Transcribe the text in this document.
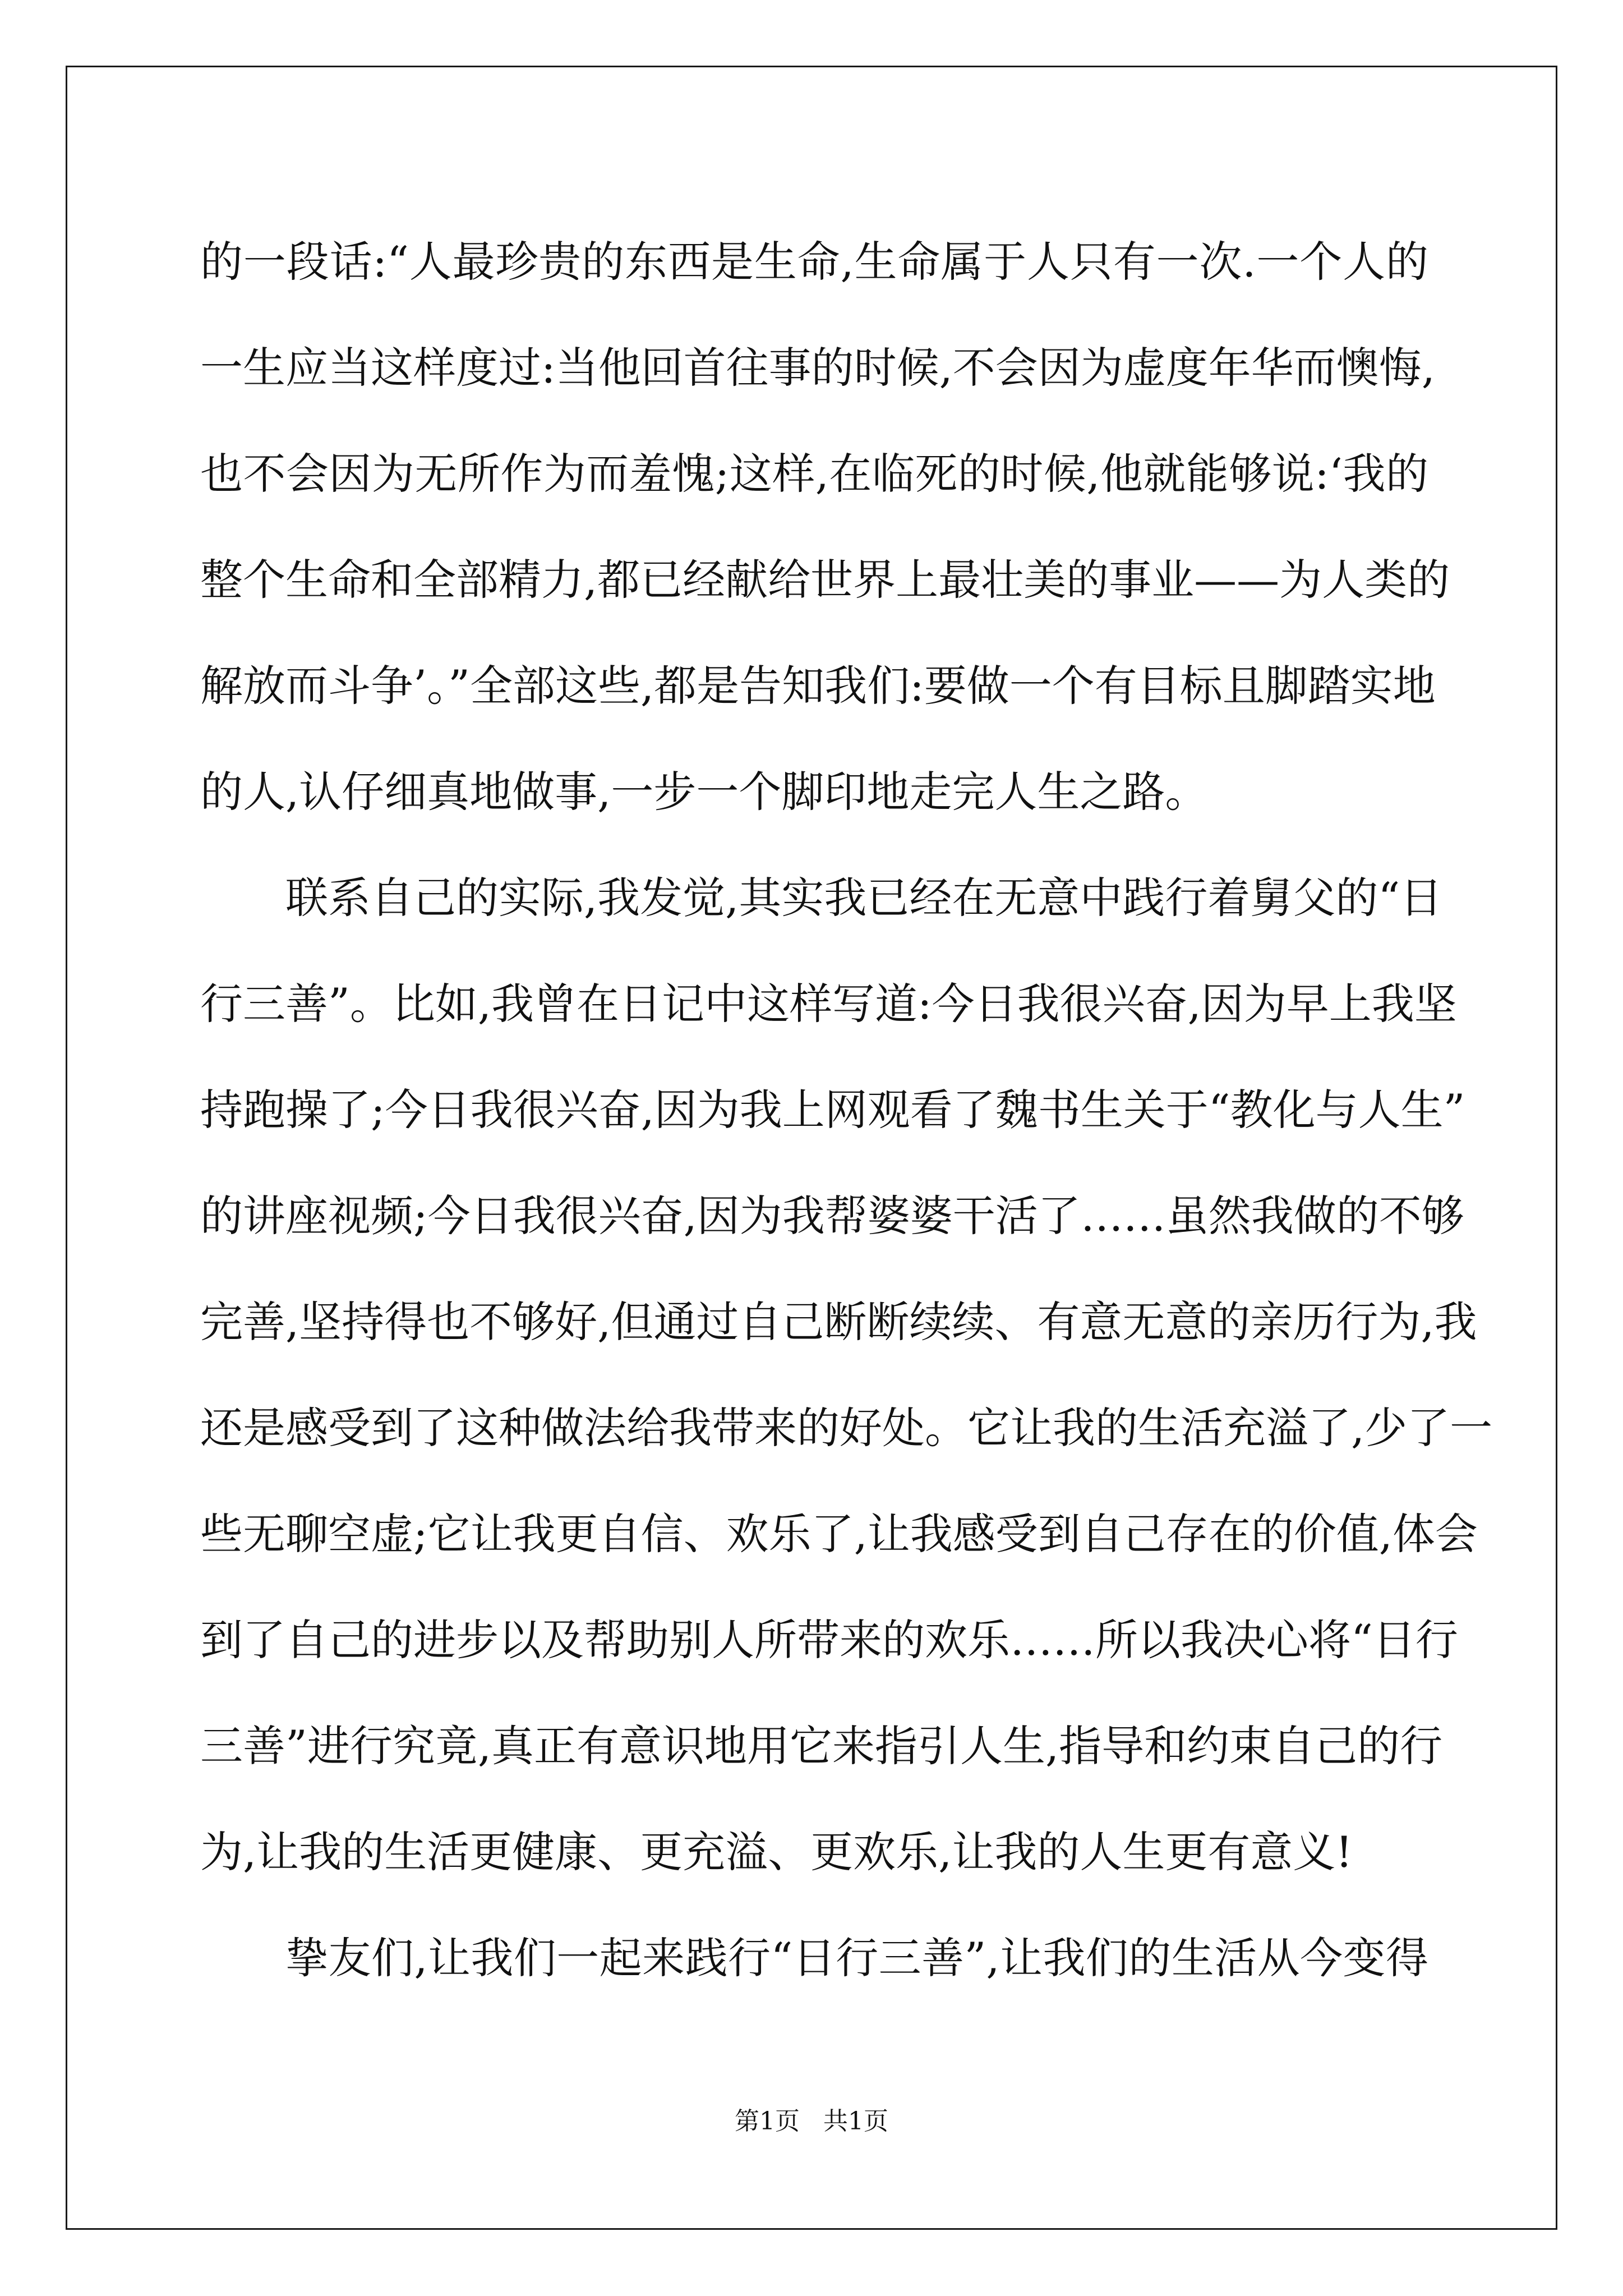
的一段话:“人最珍贵的东西是生命,生命属于人只有一次.一个人的
一生应当这样度过:当他回首往事的时候,不会因为虚度年华而懊悔,
也不会因为无所作为而羞愧;这样,在临死的时候,他就能够说:‘我的
整个生命和全部精力,都已经献给世界上最壮美的事业——为人类的
解放而斗争’。”全部这些,都是告知我们:要做一个有目标且脚踏实地
的人,认仔细真地做事,一步一个脚印地走完人生之路。
联系自己的实际,我发觉,其实我已经在无意中践行着舅父的“日
行三善”。比如,我曾在日记中这样写道:今日我很兴奋,因为早上我坚
持跑操了;今日我很兴奋,因为我上网观看了魏书生关于“教化与人生”
的讲座视频;今日我很兴奋,因为我帮婆婆干活了……虽然我做的不够
完善,坚持得也不够好,但通过自己断断续续、有意无意的亲历行为,我
还是感受到了这种做法给我带来的好处。它让我的生活充溢了,少了一
些无聊空虚;它让我更自信、欢乐了,让我感受到自己存在的价值,体会
到了自己的进步以及帮助别人所带来的欢乐……所以我决心将“日行
三善”进行究竟,真正有意识地用它来指引人生,指导和约束自己的行
为,让我的生活更健康、更充溢、更欢乐,让我的人生更有意义!
挚友们,让我们一起来践行“日行三善”,让我们的生活从今变得
第1页   共1页
